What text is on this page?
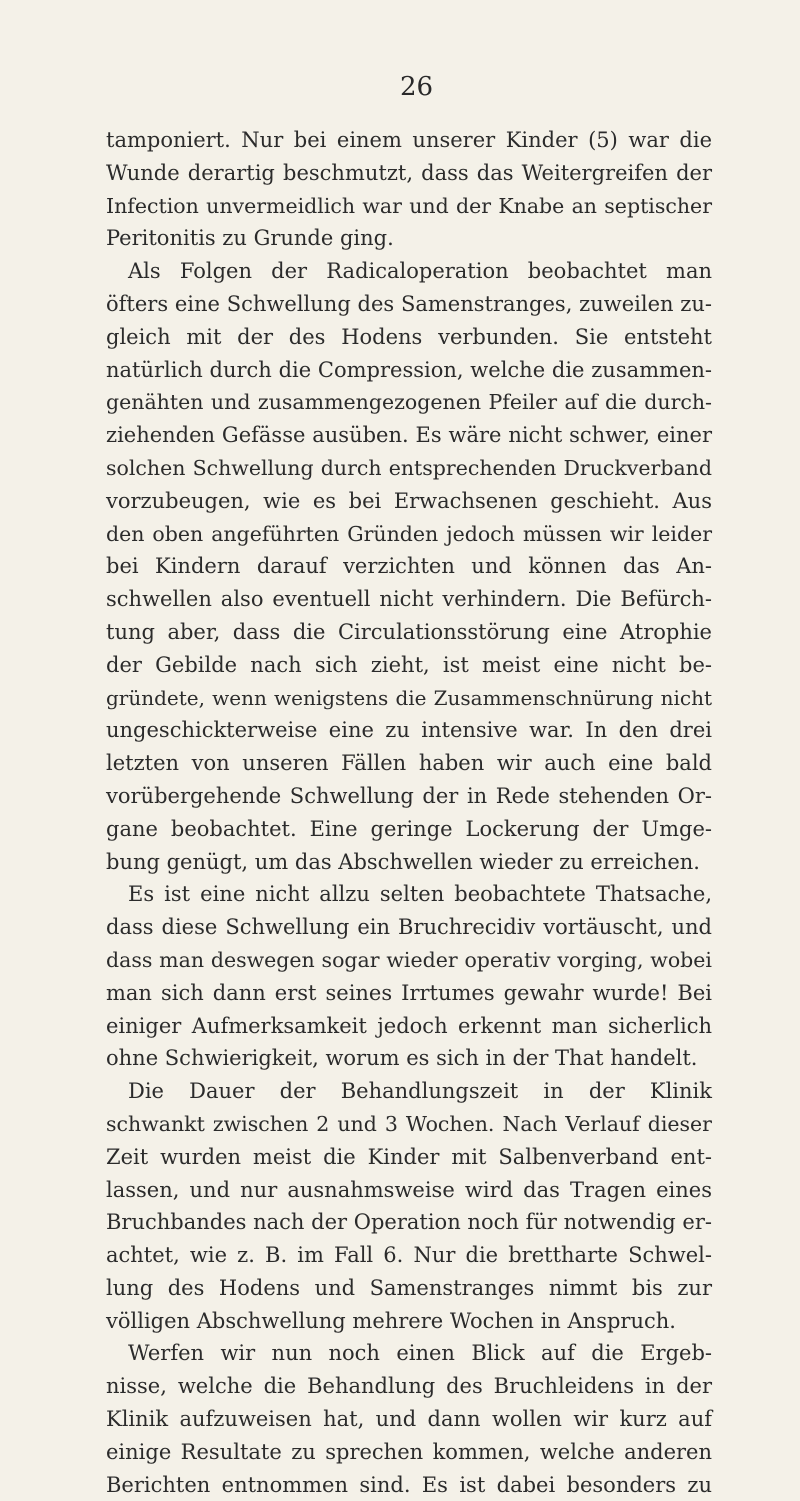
26
tamponiert. Nur bei einem unserer Kinder (5) war die
Wunde derartig beschmutzt, dass das Weitergreifen der
Infection unvermeidlich war und der Knabe an septischer
Peritonitis zu Grunde ging.
Als Folgen der Radicaloperation beobachtet man
öfters eine Schwellung des Samenstranges, zuweilen zu-
gleich mit der des Hodens verbunden. Sie entsteht
natürlich durch die Compression, welche die zusammen-
genähten und zusammengezogenen Pfeiler auf die durch-
ziehenden Gefässe ausüben. Es wäre nicht schwer, einer
solchen Schwellung durch entsprechenden Druckverband
vorzubeugen, wie es bei Erwachsenen geschieht. Aus
den oben angeführten Gründen jedoch müssen wir leider
bei Kindern darauf verzichten und können das An-
schwellen also eventuell nicht verhindern. Die Befürch-
tung aber, dass die Circulationsstörung eine Atrophie
der Gebilde nach sich zieht, ist meist eine nicht be-
gründete, wenn wenigstens die Zusammenschnürung nicht
ungeschickterweise eine zu intensive war. In den drei
letzten von unseren Fällen haben wir auch eine bald
vorübergehende Schwellung der in Rede stehenden Or-
gane beobachtet. Eine geringe Lockerung der Umge-
bung genügt, um das Abschwellen wieder zu erreichen.
Es ist eine nicht allzu selten beobachtete Thatsache,
dass diese Schwellung ein Bruchrecidiv vortäuscht, und
dass man deswegen sogar wieder operativ vorging, wobei
man sich dann erst seines Irrtumes gewahr wurde! Bei
einiger Aufmerksamkeit jedoch erkennt man sicherlich
ohne Schwierigkeit, worum es sich in der That handelt.
Die Dauer der Behandlungszeit in der Klinik
schwankt zwischen 2 und 3 Wochen. Nach Verlauf dieser
Zeit wurden meist die Kinder mit Salbenverband ent-
lassen, und nur ausnahmsweise wird das Tragen eines
Bruchbandes nach der Operation noch für notwendig er-
achtet, wie z. B. im Fall 6. Nur die brettharte Schwel-
lung des Hodens und Samenstranges nimmt bis zur
völligen Abschwellung mehrere Wochen in Anspruch.
Werfen wir nun noch einen Blick auf die Ergeb-
nisse, welche die Behandlung des Bruchleidens in der
Klinik aufzuweisen hat, und dann wollen wir kurz auf
einige Resultate zu sprechen kommen, welche anderen
Berichten entnommen sind. Es ist dabei besonders zu
